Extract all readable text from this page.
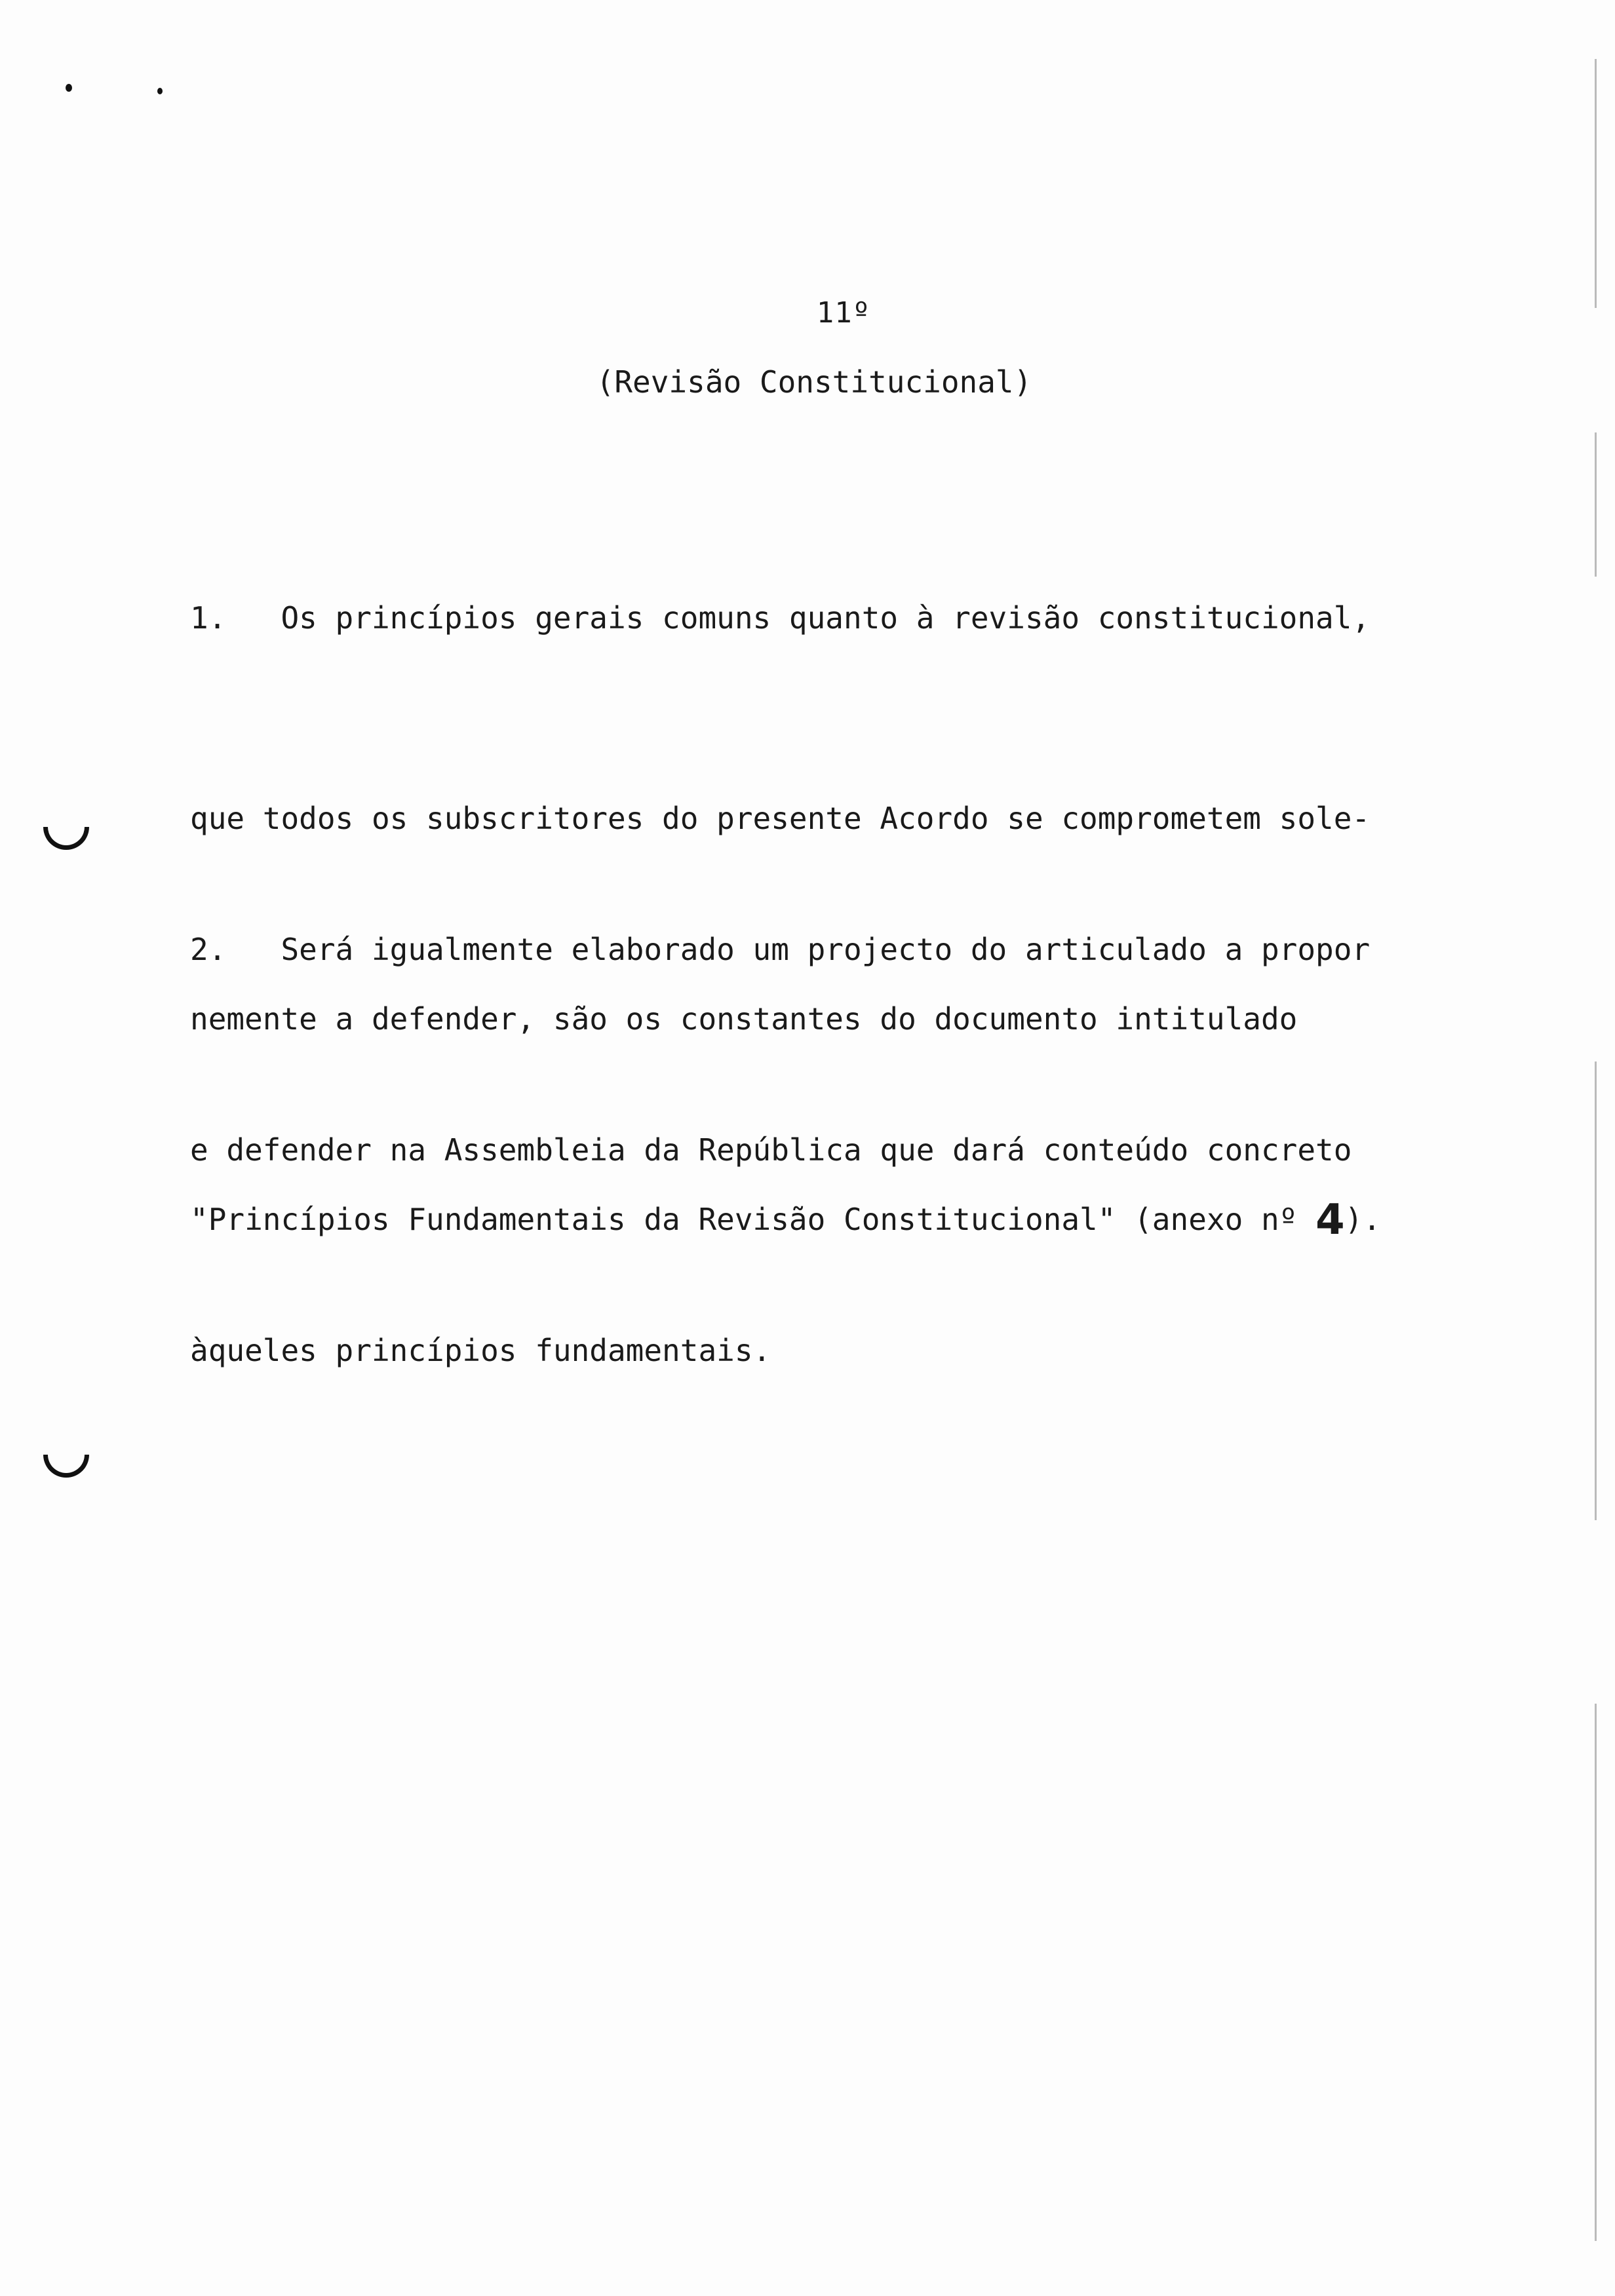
11º
(Revisão Constitucional)

1.   Os princípios gerais comuns quanto à revisão constitucional,

que todos os subscritores do presente Acordo se comprometem sole-

nemente a defender, são os constantes do documento intitulado

"Princípios Fundamentais da Revisão Constitucional" (anexo nº 4).

2.   Será igualmente elaborado um projecto do articulado a propor

e defender na Assembleia da República que dará conteúdo concreto

àqueles princípios fundamentais.
